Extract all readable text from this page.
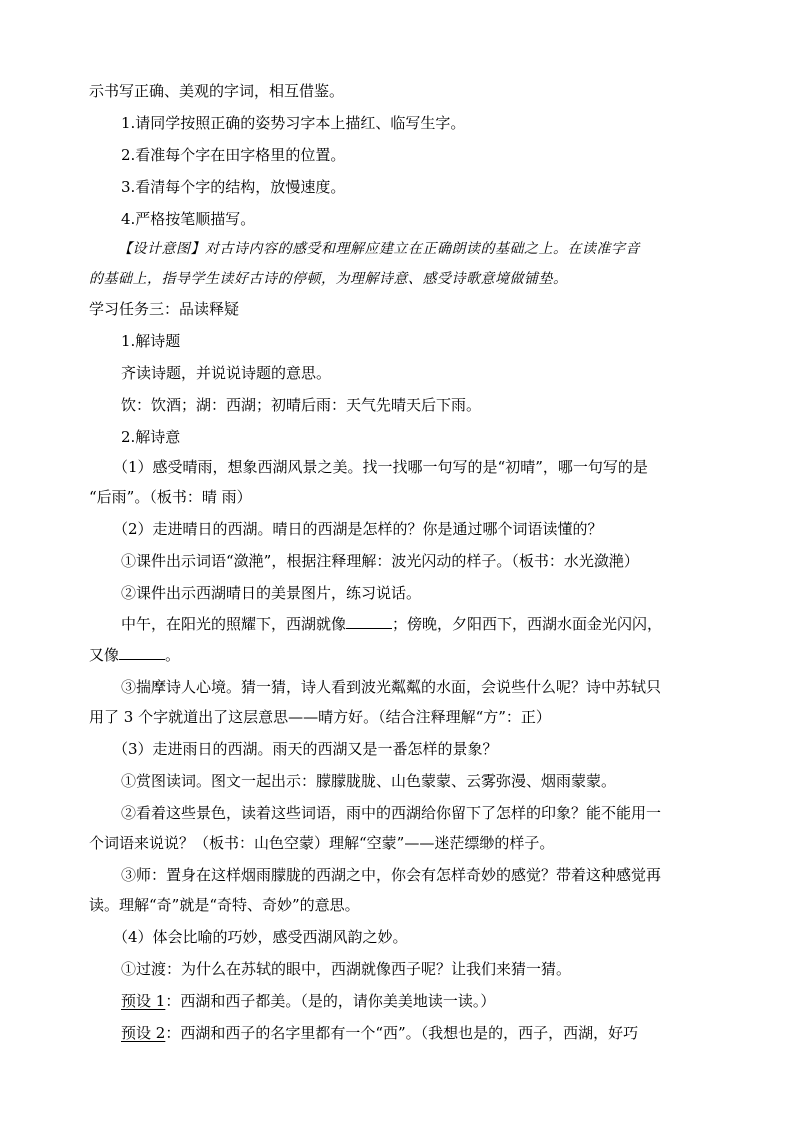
示书写正确、美观的字词，相互借鉴。
1.请同学按照正确的姿势习字本上描红、临写生字。
2.看准每个字在田字格里的位置。
3.看清每个字的结构，放慢速度。
4.严格按笔顺描写。
【设计意图】对古诗内容的感受和理解应建立在正确朗读的基础之上。在读准字音
的基础上，指导学生读好古诗的停顿，为理解诗意、感受诗歌意境做铺垫。
学习任务三：品读释疑
1.解诗题
齐读诗题，并说说诗题的意思。
饮：饮酒；湖：西湖；初晴后雨：天气先晴天后下雨。
2.解诗意
（1）感受晴雨，想象西湖风景之美。找一找哪一句写的是“初晴”，哪一句写的是
“后雨”。（板书：晴 雨）
（2）走进晴日的西湖。晴日的西湖是怎样的？你是通过哪个词语读懂的？
①课件出示词语“潋滟”，根据注释理解：波光闪动的样子。（板书：水光潋滟）
②课件出示西湖晴日的美景图片，练习说话。
中午，在阳光的照耀下，西湖就像	；傍晚，夕阳西下，西湖水面金光闪闪，
又像	。
③揣摩诗人心境。猜一猜，诗人看到波光粼粼的水面，会说些什么呢？诗中苏轼只
用了 3 个字就道出了这层意思——晴方好。（结合注释理解“方”：正）
（3）走进雨日的西湖。雨天的西湖又是一番怎样的景象？
①赏图读词。图文一起出示：朦朦胧胧、山色蒙蒙、云雾弥漫、烟雨蒙蒙。
②看着这些景色，读着这些词语，雨中的西湖给你留下了怎样的印象？能不能用一
个词语来说说？（板书：山色空蒙）理解“空蒙”——迷茫缥缈的样子。
③师：置身在这样烟雨朦胧的西湖之中，你会有怎样奇妙的感觉？带着这种感觉再
读。理解“奇”就是“奇特、奇妙”的意思。
（4）体会比喻的巧妙，感受西湖风韵之妙。
①过渡：为什么在苏轼的眼中，西湖就像西子呢？让我们来猜一猜。
预设 1：西湖和西子都美。（是的，请你美美地读一读。）
预设 2：西湖和西子的名字里都有一个“西”。（我想也是的，西子，西湖，好巧
